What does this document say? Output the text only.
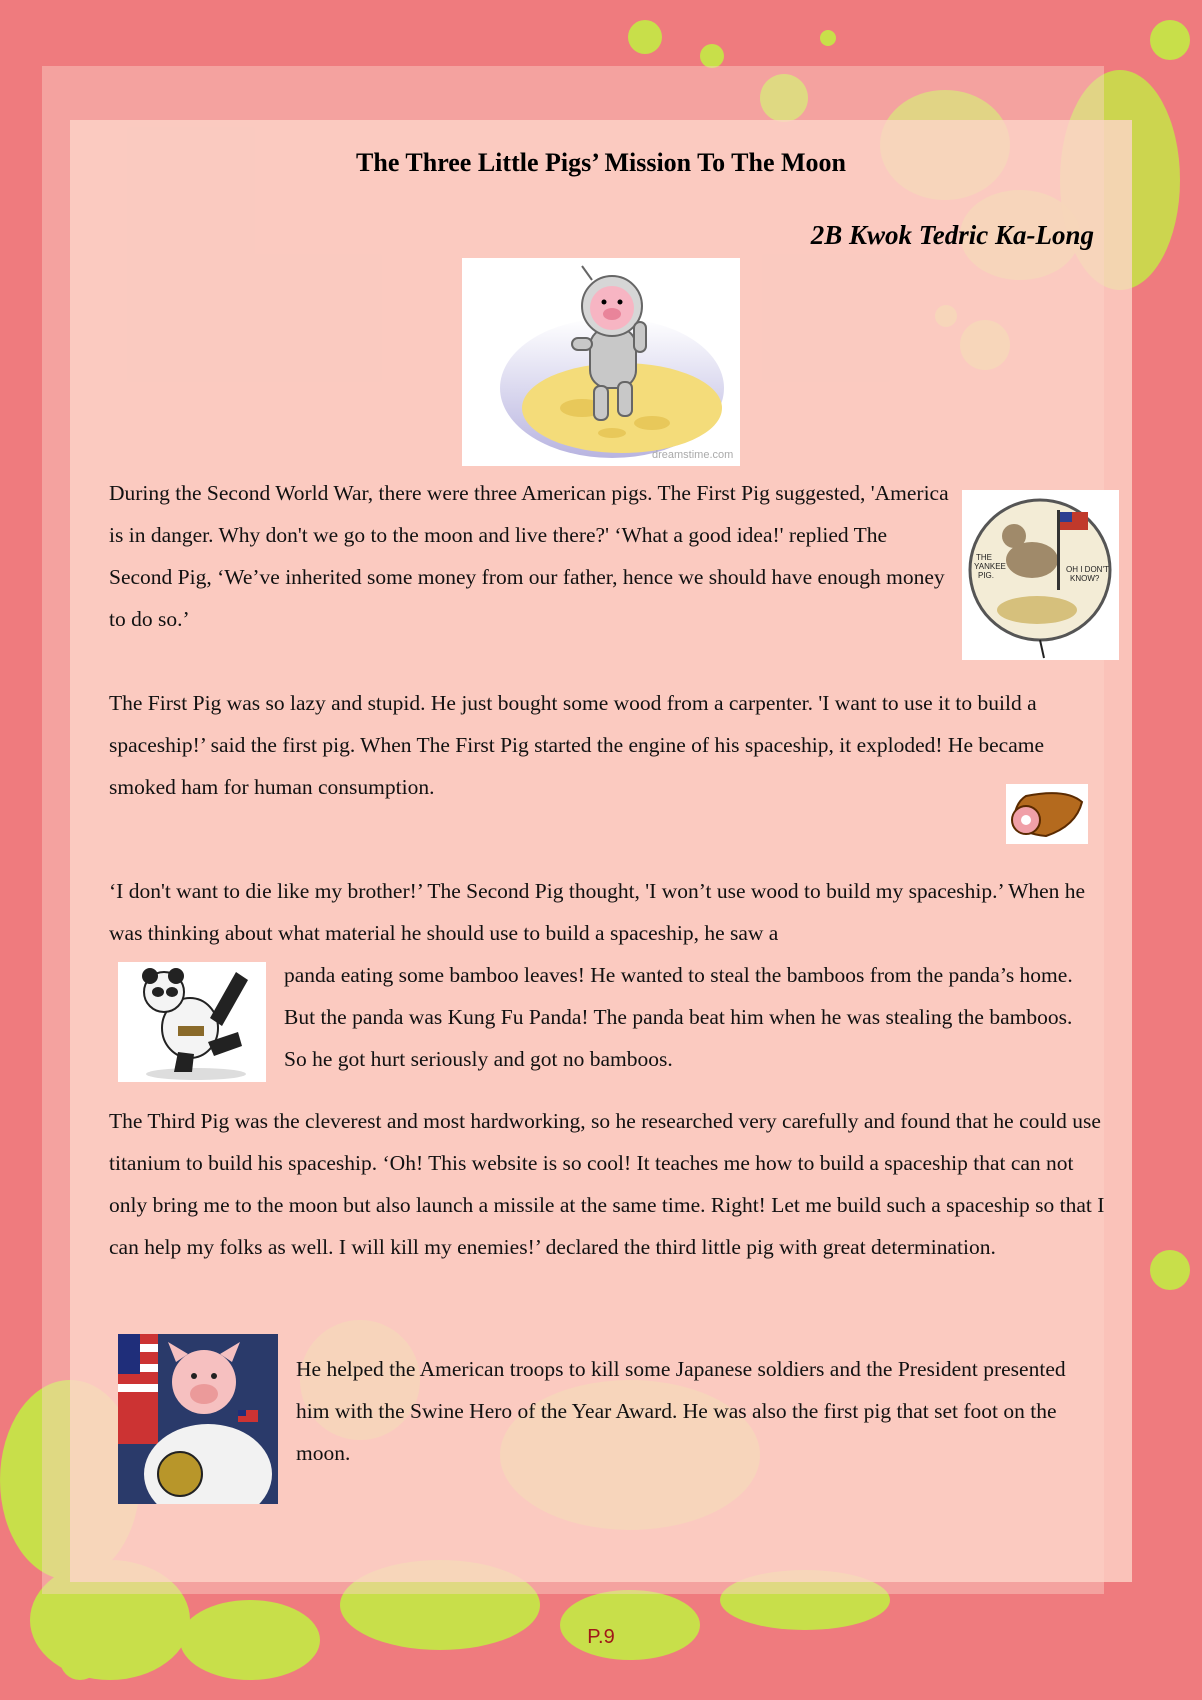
The Three Little Pigs’ Mission To The Moon
2B Kwok Tedric Ka-Long
dreamstime.com

During the Second World War, there were three American pigs. The First Pig suggested, 'America is in danger. Why don't we go to the moon and live there?' ‘What a good idea!' replied The Second Pig, ‘We’ve inherited some money from our father, hence we should have enough money to do so.’

THE YANKEE PIG.
OH I DON'T KNOW?

The First Pig was so lazy and stupid. He just bought some wood from a carpenter. 'I want to use it to build a spaceship!’ said the first pig. When The First Pig started the engine of his spaceship, it exploded! He became smoked ham for human consumption.

‘I don't want to die like my brother!’ The Second Pig thought, 'I won’t use wood to build my spaceship.’ When he was thinking about what material he should use to build a spaceship, he saw a

panda eating some bamboo leaves! He wanted to steal the bamboos from the panda’s home. But the panda was Kung Fu Panda! The panda beat him when he was stealing the bamboos. So he got hurt seriously and got no bamboos.

The Third Pig was the cleverest and most hardworking, so he researched very carefully and found that he could use titanium to build his spaceship. ‘Oh! This website is so cool! It teaches me how to build a spaceship that can not only bring me to the moon but also launch a missile at the same time. Right! Let me build such a spaceship so that I can help my folks as well. I will kill my enemies!’ declared the third little pig with great determination.

He helped the American troops to kill some Japanese soldiers and the President presented him with the Swine Hero of the Year Award. He was also the first pig that set foot on the moon.

P.9
